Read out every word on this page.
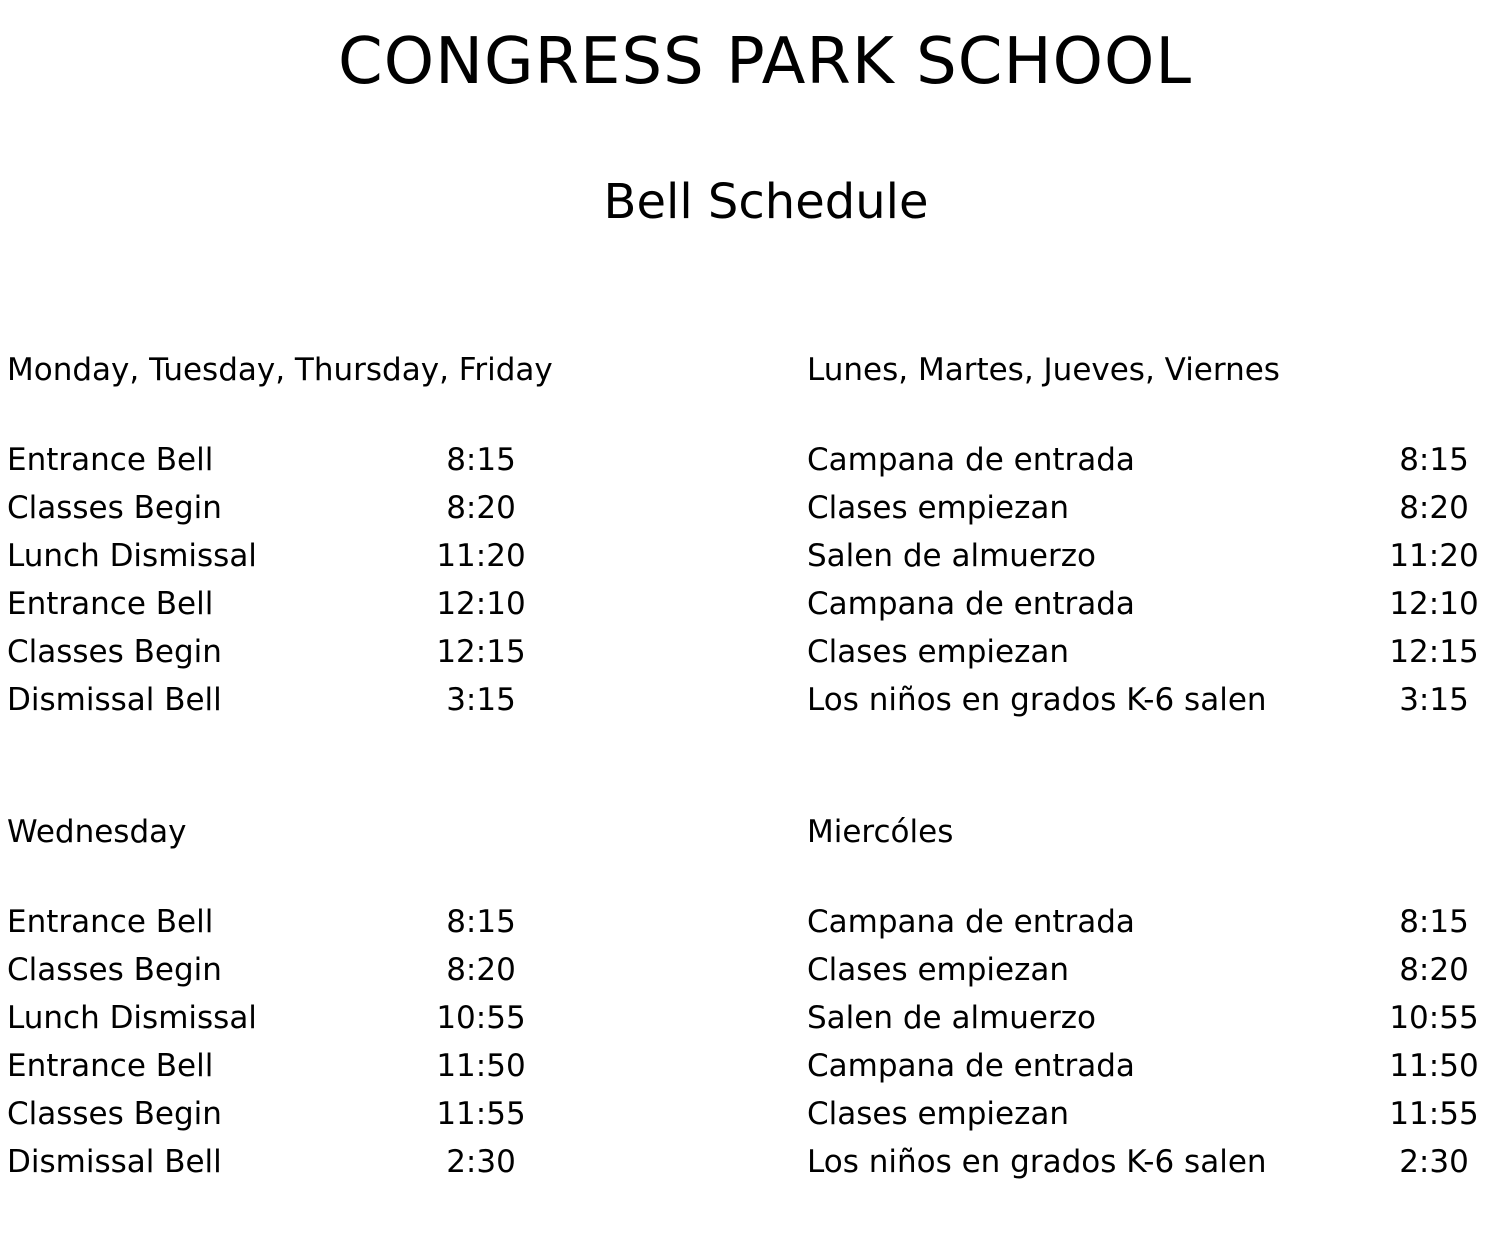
CONGRESS PARK SCHOOL
Bell Schedule
Monday, Tuesday, Thursday, Friday
Entrance Bell	8:15
Classes Begin	8:20
Lunch Dismissal	11:20
Entrance Bell	12:10
Classes Begin	12:15
Dismissal Bell	3:15
Lunes, Martes, Jueves, Viernes
Campana de entrada	8:15
Clases empiezan	8:20
Salen de almuerzo	11:20
Campana de entrada	12:10
Clases empiezan	12:15
Los niños en grados K-6 salen	3:15
Wednesday
Entrance Bell	8:15
Classes Begin	8:20
Lunch Dismissal	10:55
Entrance Bell	11:50
Classes Begin	11:55
Dismissal Bell	2:30
Miercóles
Campana de entrada	8:15
Clases empiezan	8:20
Salen de almuerzo	10:55
Campana de entrada	11:50
Clases empiezan	11:55
Los niños en grados K-6 salen	2:30
